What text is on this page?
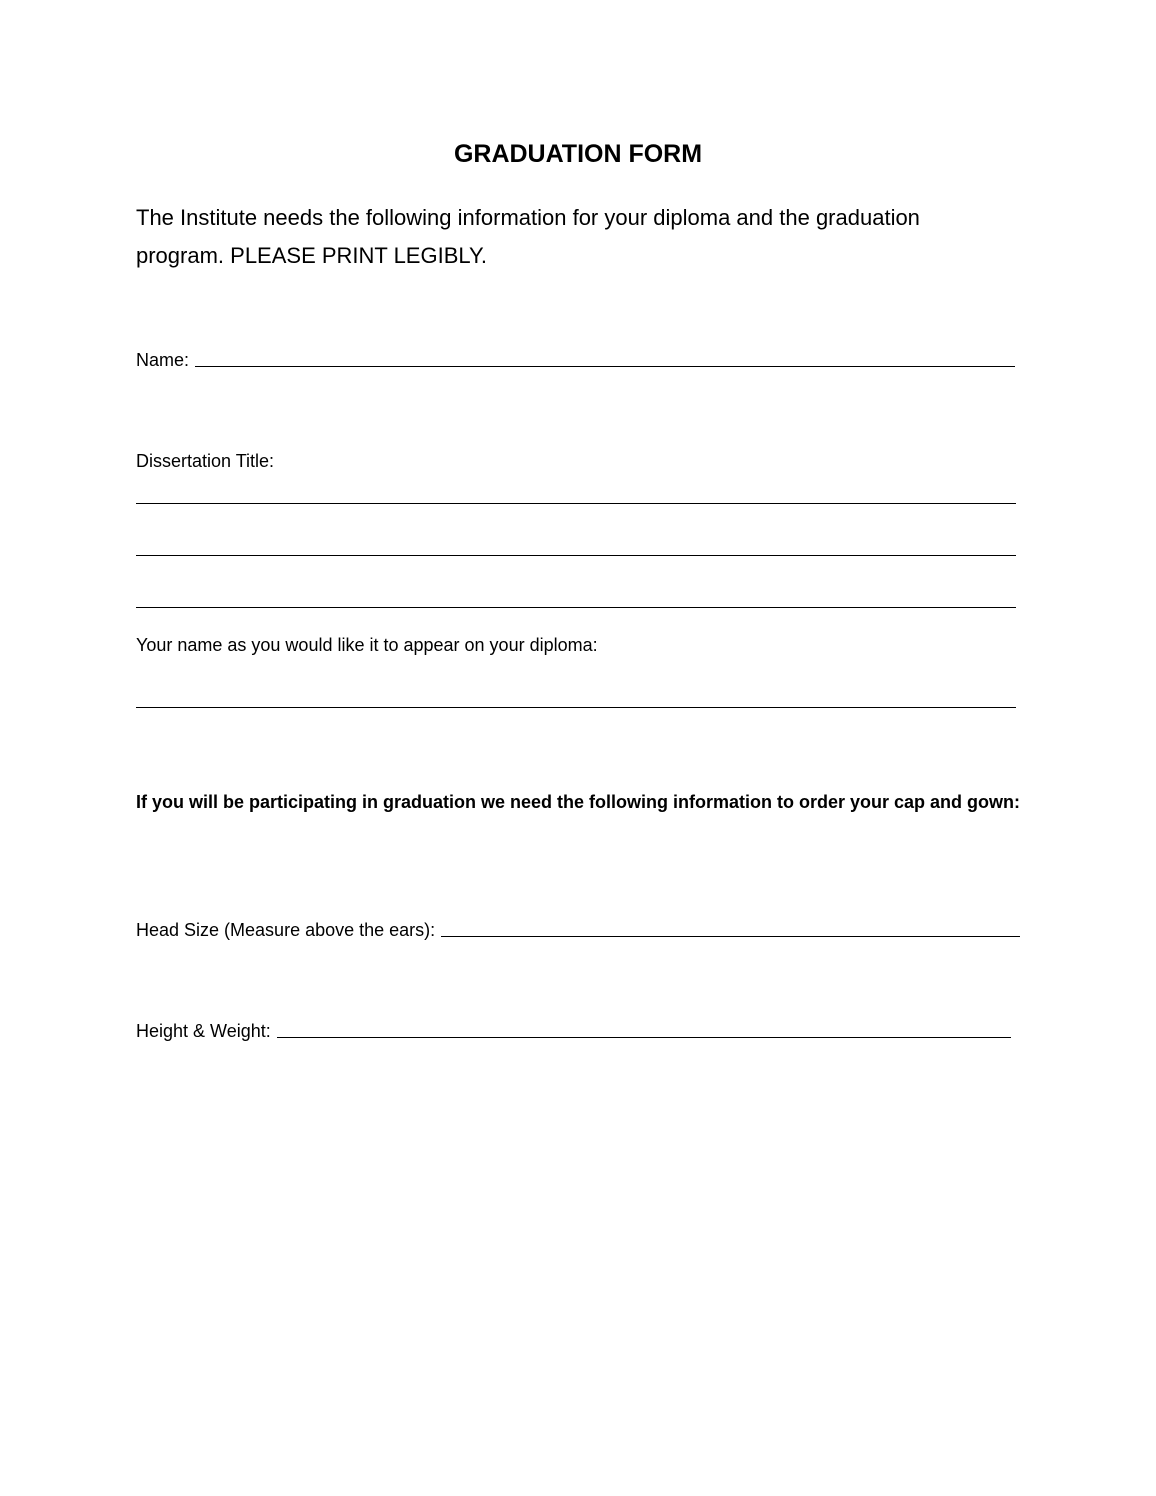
GRADUATION FORM
The Institute needs the following information for your diploma and the graduation program. PLEASE PRINT LEGIBLY.
Name:
Dissertation Title:
Your name as you would like it to appear on your diploma:
If you will be participating in graduation we need the following information to order your cap and gown:
Head Size (Measure above the ears):
Height & Weight:
